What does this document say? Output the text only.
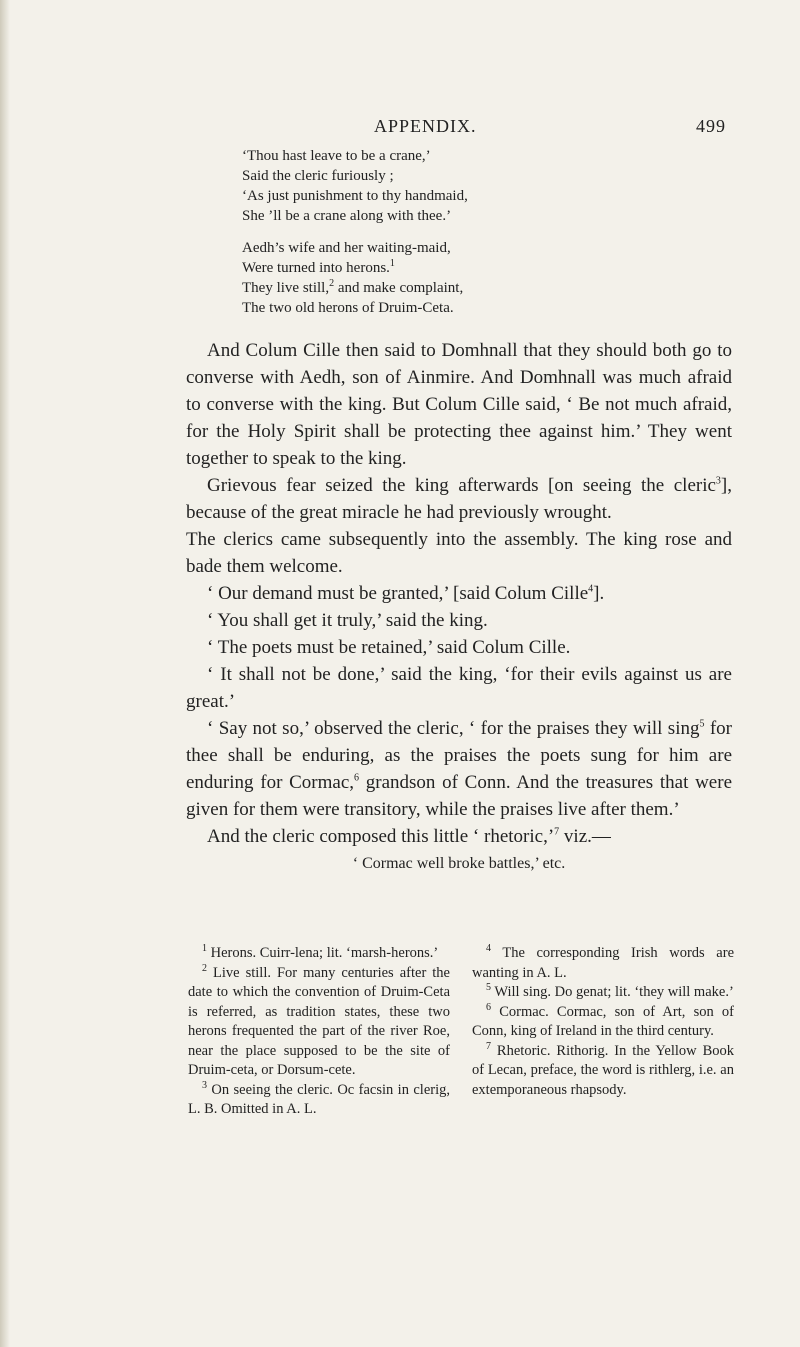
APPENDIX.	499
‘Thou hast leave to be a crane,’
Said the cleric furiously ;
‘As just punishment to thy handmaid,
She ’ll be a crane along with thee.’
Aedh’s wife and her waiting-maid,
Were turned into herons.$^1$
They live still,$^2$ and make complaint,
The two old herons of Druim-Ceta.

And Colum Cille then said to Domhnall that they should both go to converse with Aedh, son of Ainmire. And Domhnall was much afraid to converse with the king. But Colum Cille said, ‘ Be not much afraid, for the Holy Spirit shall be protecting thee against him.’ They went together to speak to the king.

Grievous fear seized the king afterwards [on seeing the cleric$^3$], because of the great miracle he had previously wrought.

The clerics came subsequently into the assembly. The king rose and bade them welcome.

‘ Our demand must be granted,’ [said Colum Cille$^4$].

‘ You shall get it truly,’ said the king.

‘ The poets must be retained,’ said Colum Cille.

‘ It shall not be done,’ said the king, ‘for their evils against us are great.’

‘ Say not so,’ observed the cleric, ‘ for the praises they will sing$^5$ for thee shall be enduring, as the praises the poets sung for him are enduring for Cormac,$^6$ grandson of Conn. And the treasures that were given for them were transitory, while the praises live after them.’

And the cleric composed this little ‘ rhetoric,’$^7$ viz.—

‘ Cormac well broke battles,’ etc.

$^1$ Herons. Cuirr-lena; lit. ‘marsh-herons.’

$^2$ Live still. For many centuries after the date to which the convention of Druim-Ceta is referred, as tradition states, these two herons frequented the part of the river Roe, near the place supposed to be the site of Druim-ceta, or Dorsum-cete.

$^3$ On seeing the cleric. Oc facsin in clerig, L. B. Omitted in A. L.

$^4$ The corresponding Irish words are wanting in A. L.

$^5$ Will sing. Do genat; lit. ‘they will make.’

$^6$ Cormac. Cormac, son of Art, son of Conn, king of Ireland in the third century.

$^7$ Rhetoric. Rithorig. In the Yellow Book of Lecan, preface, the word is rithlerg, i.e. an extemporaneous rhapsody.
